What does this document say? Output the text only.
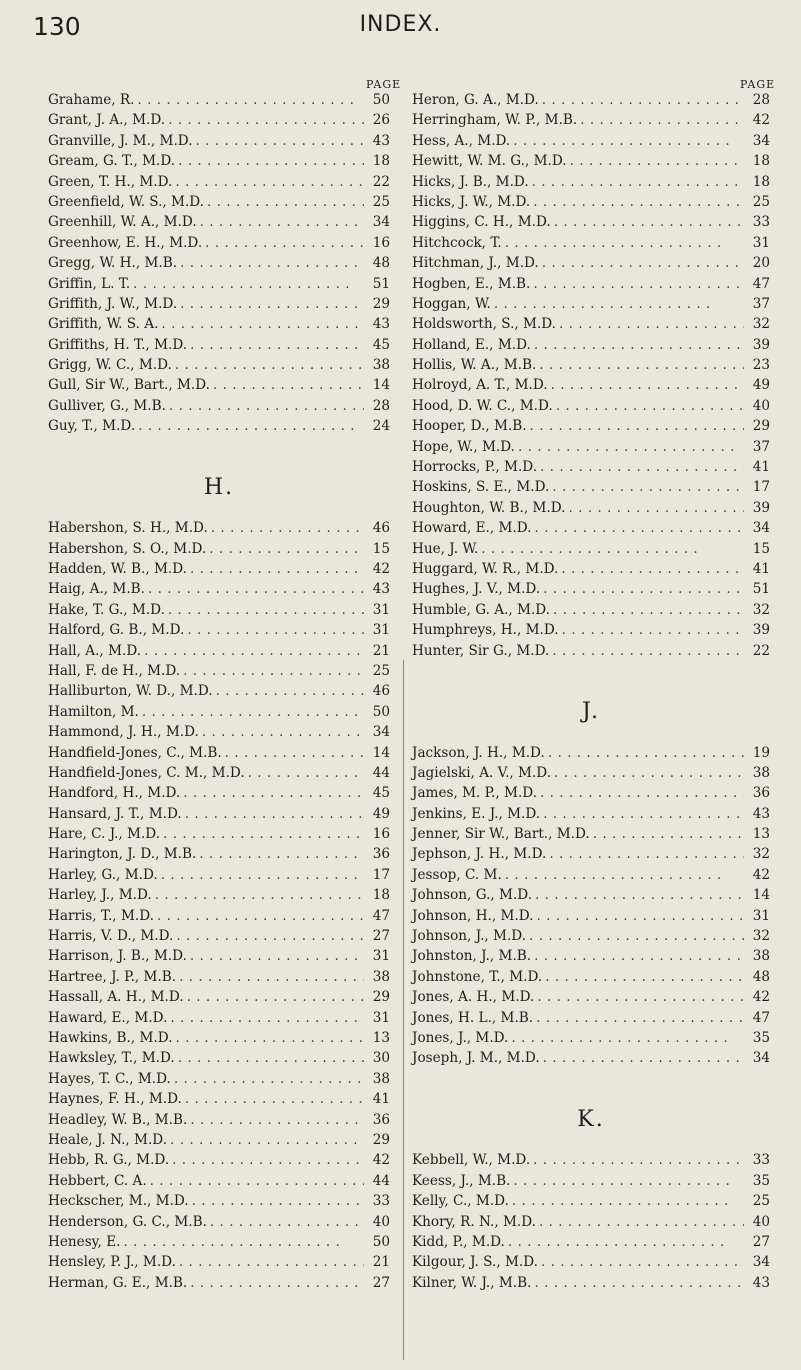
130	INDEX.
PAGE	PAGE
Grahame, R. . . .	50
Grant, J. A., M.D. . . .	26
Granville, J. M., M.D. . . .	43
Gream, G. T., M.D. . . .	18
Green, T. H., M.D. . . .	22
Greenfield, W. S., M.D. . . .	25
Greenhill, W. A., M.D. . . .	34
Greenhow, E. H., M.D. . . .	16
Gregg, W. H., M.B. . . .	48
Griffin, L. T. . . .	51
Griffith, J. W., M.D. . . .	29
Griffith, W. S. A. . . .	43
Griffiths, H. T., M.D. . . .	45
Grigg, W. C., M.D. . . .	38
Gull, Sir W., Bart., M.D. . . .	14
Gulliver, G., M.B. . . .	28
Guy, T., M.D. . . .	24
H.
Habershon, S. H., M.D. . . .	46
Habershon, S. O., M.D. . . .	15
Hadden, W. B., M.D. . . .	42
Haig, A., M.B. . . .	43
Hake, T. G., M.D. . . .	31
Halford, G. B., M.D. . . .	31
Hall, A., M.D. . . .	21
Hall, F. de H., M.D. . . .	25
Halliburton, W. D., M.D. . . .	46
Hamilton, M. . . .	50
Hammond, J. H., M.D. . . .	34
Handfield-Jones, C., M.B. . . .	14
Handfield-Jones, C. M., M.D. . . .	44
Handford, H., M.D. . . .	45
Hansard, J. T., M.D. . . .	49
Hare, C. J., M.D. . . .	16
Harington, J. D., M.B. . . .	36
Harley, G., M.D. . . .	17
Harley, J., M.D. . . .	18
Harris, T., M.D. . . .	47
Harris, V. D., M.D. . . .	27
Harrison, J. B., M.D. . . .	31
Hartree, J. P., M.B. . . .	38
Hassall, A. H., M.D. . . .	29
Haward, E., M.D. . . .	31
Hawkins, B., M.D. . . .	13
Hawksley, T., M.D. . . .	30
Hayes, T. C., M.D. . . .	38
Haynes, F. H., M.D. . . .	41
Headley, W. B., M.B. . . .	36
Heale, J. N., M.D. . . .	29
Hebb, R. G., M.D. . . .	42
Hebbert, C. A. . . .	44
Heckscher, M., M.D. . . .	33
Henderson, G. C., M.B. . . .	40
Henesy, E. . . .	50
Hensley, P. J., M.D. . . .	21
Herman, G. E., M.B. . . .	27
Heron, G. A., M.D. . . .	28
Herringham, W. P., M.B. . . .	42
Hess, A., M.D. . . .	34
Hewitt, W. M. G., M.D. . . .	18
Hicks, J. B., M.D. . . .	18
Hicks, J. W., M.D. . . .	25
Higgins, C. H., M.D. . . .	33
Hitchcock, T. . . .	31
Hitchman, J., M.D. . . .	20
Hogben, E., M.B. . . .	47
Hoggan, W. . . .	37
Holdsworth, S., M.D. . . .	32
Holland, E., M.D. . . .	39
Hollis, W. A., M.B. . . .	23
Holroyd, A. T., M.D. . . .	49
Hood, D. W. C., M.D. . . .	40
Hooper, D., M.B. . . .	29
Hope, W., M.D. . . .	37
Horrocks, P., M.D. . . .	41
Hoskins, S. E., M.D. . . .	17
Houghton, W. B., M.D. . . .	39
Howard, E., M.D. . . .	34
Hue, J. W. . . .	15
Huggard, W. R., M.D. . . .	41
Hughes, J. V., M.D. . . .	51
Humble, G. A., M.D. . . .	32
Humphreys, H., M.D. . . .	39
Hunter, Sir G., M.D. . . .	22
J.
Jackson, J. H., M.D. . . .	19
Jagielski, A. V., M.D. . . .	38
James, M. P., M.D. . . .	36
Jenkins, E. J., M.D. . . .	43
Jenner, Sir W., Bart., M.D. . . .	13
Jephson, J. H., M.D. . . .	32
Jessop, C. M. . . .	42
Johnson, G., M.D. . . .	14
Johnson, H., M.D. . . .	31
Johnson, J., M.D. . . .	32
Johnston, J., M.B. . . .	38
Johnstone, T., M.D. . . .	48
Jones, A. H., M.D. . . .	42
Jones, H. L., M.B. . . .	47
Jones, J., M.D. . . .	35
Joseph, J. M., M.D. . . .	34
K.
Kebbell, W., M.D. . . .	33
Keess, J., M.B. . . .	35
Kelly, C., M.D. . . .	25
Khory, R. N., M.D. . . .	40
Kidd, P., M.D. . . .	27
Kilgour, J. S., M.D. . . .	34
Kilner, W. J., M.B. . . .	43
